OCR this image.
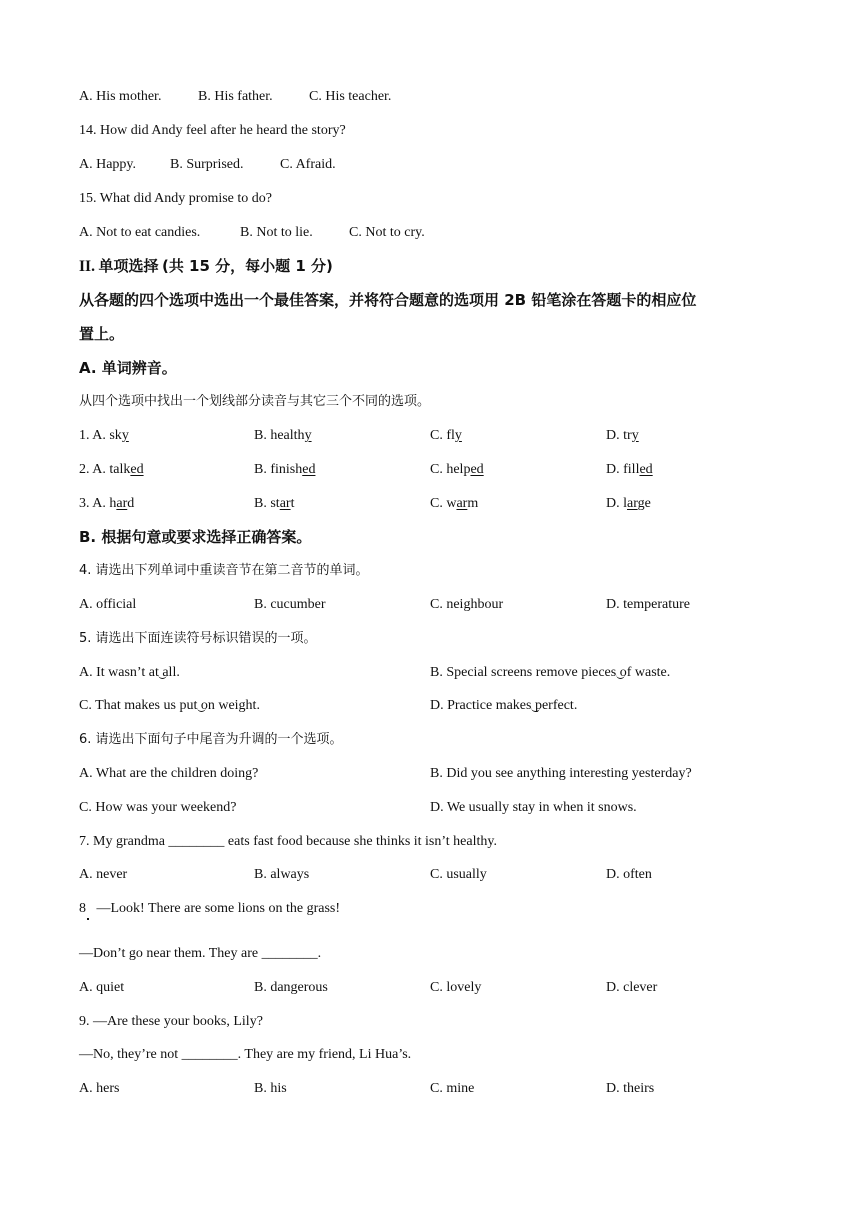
A. His mother.	B. His father.	C. His teacher.
14. How did Andy feel after he heard the story?
A. Happy. B. Surprised.	C. Afraid.
15. What did Andy promise to do?
A. Not to eat candies.	B. Not to lie.	C. Not to cry.
II. 单项选择 (共 15 分，每小题 1 分)
从各题的四个选项中选出一个最佳答案，并将符合题意的选项用 2B 铅笔涂在答题卡的相应位
置上。
A. 单词辨音。
从四个选项中找出一个划线部分读音与其它三个不同的选项。
1. A. sky	B. healthy	C. fly	D. try
2. A. talked	B. finished	C. helped	D. filled
3. A. hard	B. start	C. warm	D. large
B. 根据句意或要求选择正确答案。
4. 请选出下列单词中重读音节在第二音节的单词。
A. official	B. cucumber	C. neighbour	D. temperature
5. 请选出下面连读符号标识错误的一项。
A. It wasn’t at all.	B. Special screens remove pieces of waste.
C. That makes us put on weight.	D. Practice makes perfect.
6. 请选出下面句子中尾音为升调的一个选项。
A. What are the children doing?	B. Did you see anything interesting yesterday?
C. How was your weekend?	D. We usually stay in when it snows.
7. My grandma ________ eats fast food because she thinks it isn’t healthy.
A. never	B. always	C. usually	D. often
8   —Look! There are some lions on the grass!
—Don’t go near them. They are ________.
A. quiet	B. dangerous	C. lovely	D. clever
9. —Are these your books, Lily?
—No, they’re not ________. They are my friend, Li Hua’s.
A. hers	B. his	C. mine	D. theirs
